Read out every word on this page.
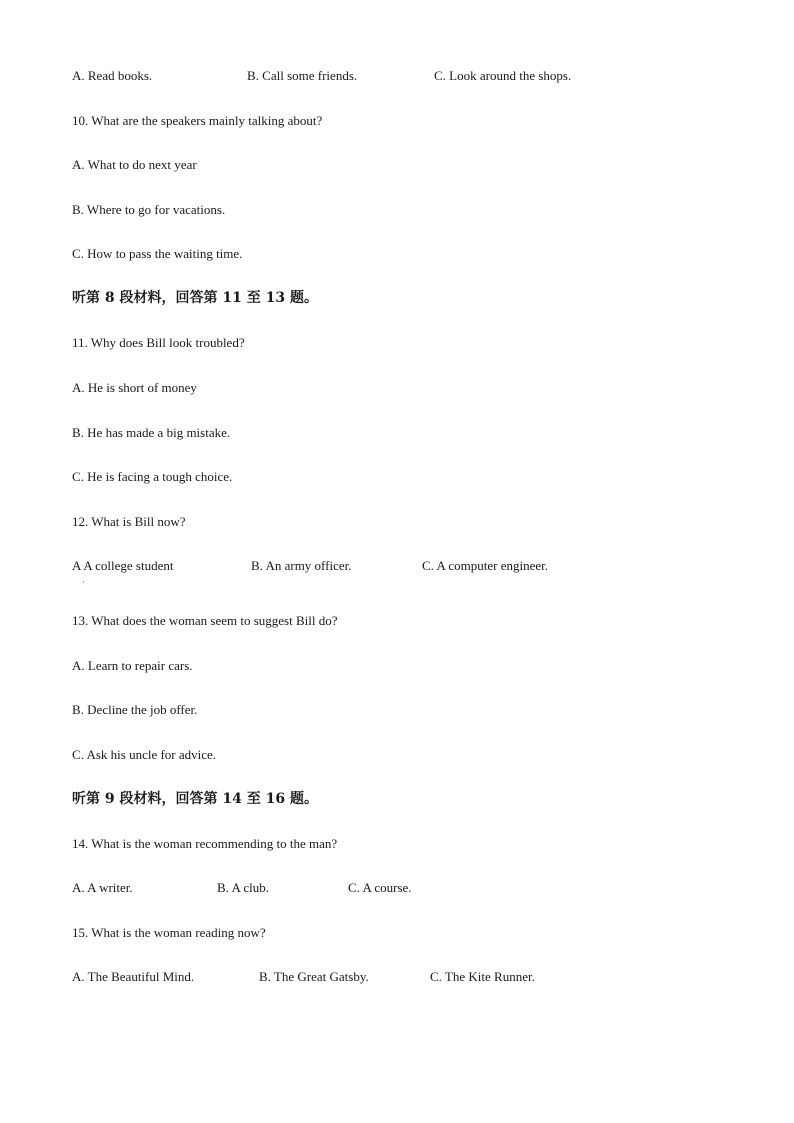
A. Read books.	B. Call some friends.	C. Look around the shops.
10. What are the speakers mainly talking about?
A. What to do next year
B. Where to go for vacations.
C. How to pass the waiting time.
听第 8 段材料，回答第 11 至 13 题。
11. Why does Bill look troubled?
A. He is short of money
B. He has made a big mistake.
C. He is facing a tough choice.
12. What is Bill now?
A A college student	B. An army officer.	C. A computer engineer.
·
13. What does the woman seem to suggest Bill do?
A. Learn to repair cars.
B. Decline the job offer.
C. Ask his uncle for advice.
听第 9 段材料，回答第 14 至 16 题。
14. What is the woman recommending to the man?
A. A writer.	B. A club.	C. A course.
15. What is the woman reading now?
A. The Beautiful Mind.	B. The Great Gatsby.	C. The Kite Runner.
